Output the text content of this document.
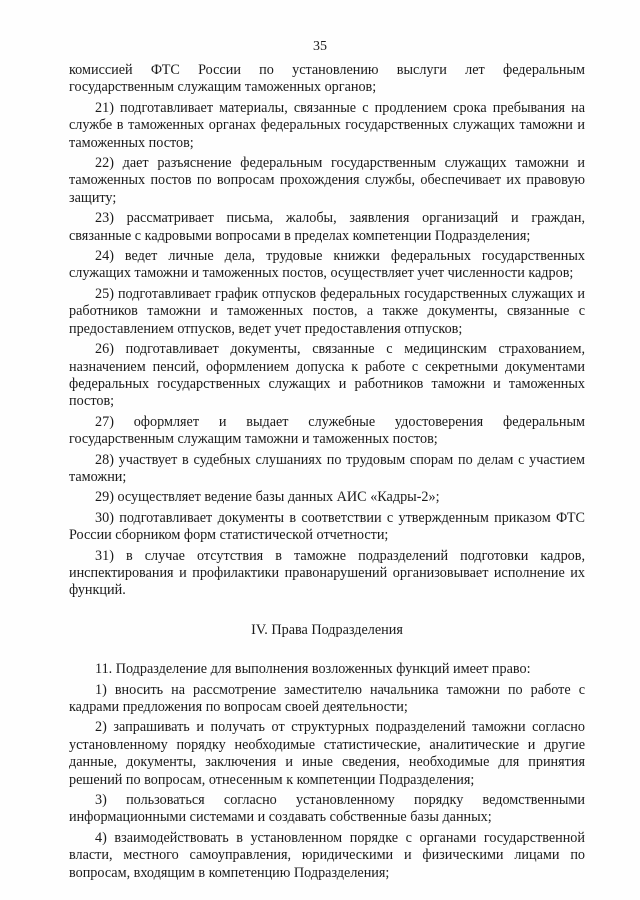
35

комиссией ФТС России по установлению выслуги лет федеральным государственным служащим таможенных органов;

21) подготавливает материалы, связанные с продлением срока пребывания на службе в таможенных органах федеральных государственных служащих таможни и таможенных постов;

22) дает разъяснение федеральным государственным служащих таможни и таможенных постов по вопросам прохождения службы, обеспечивает их правовую защиту;

23) рассматривает письма, жалобы, заявления организаций и граждан, связанные с кадровыми вопросами в пределах компетенции Подразделения;

24) ведет личные дела, трудовые книжки федеральных государственных служащих таможни и таможенных постов, осуществляет учет численности кадров;

25) подготавливает график отпусков федеральных государственных служащих и работников таможни и таможенных постов, а также документы, связанные с предоставлением отпусков, ведет учет предоставления отпусков;

26) подготавливает документы, связанные с медицинским страхованием, назначением пенсий, оформлением допуска к работе с секретными документами федеральных государственных служащих и работников таможни и таможенных постов;

27) оформляет и выдает служебные удостоверения федеральным государственным служащим таможни и таможенных постов;

28) участвует в судебных слушаниях по трудовым спорам по делам с участием таможни;

29) осуществляет ведение базы данных АИС «Кадры-2»;

30) подготавливает документы в соответствии с утвержденным приказом ФТС России сборником форм статистической отчетности;

31) в случае отсутствия в таможне подразделений подготовки кадров, инспектирования и профилактики правонарушений организовывает исполнение их функций.

IV. Права Подразделения

11. Подразделение для выполнения возложенных функций имеет право:

1) вносить на рассмотрение заместителю начальника таможни по работе с кадрами предложения по вопросам своей деятельности;

2) запрашивать и получать от структурных подразделений таможни согласно установленному порядку необходимые статистические, аналитические и другие данные, документы, заключения и иные сведения, необходимые для принятия решений по вопросам, отнесенным к компетенции Подразделения;

3) пользоваться согласно установленному порядку ведомственными информационными системами и создавать собственные базы данных;

4) взаимодействовать в установленном порядке с органами государственной власти, местного самоуправления, юридическими и физическими лицами по вопросам, входящим в компетенцию Подразделения;
